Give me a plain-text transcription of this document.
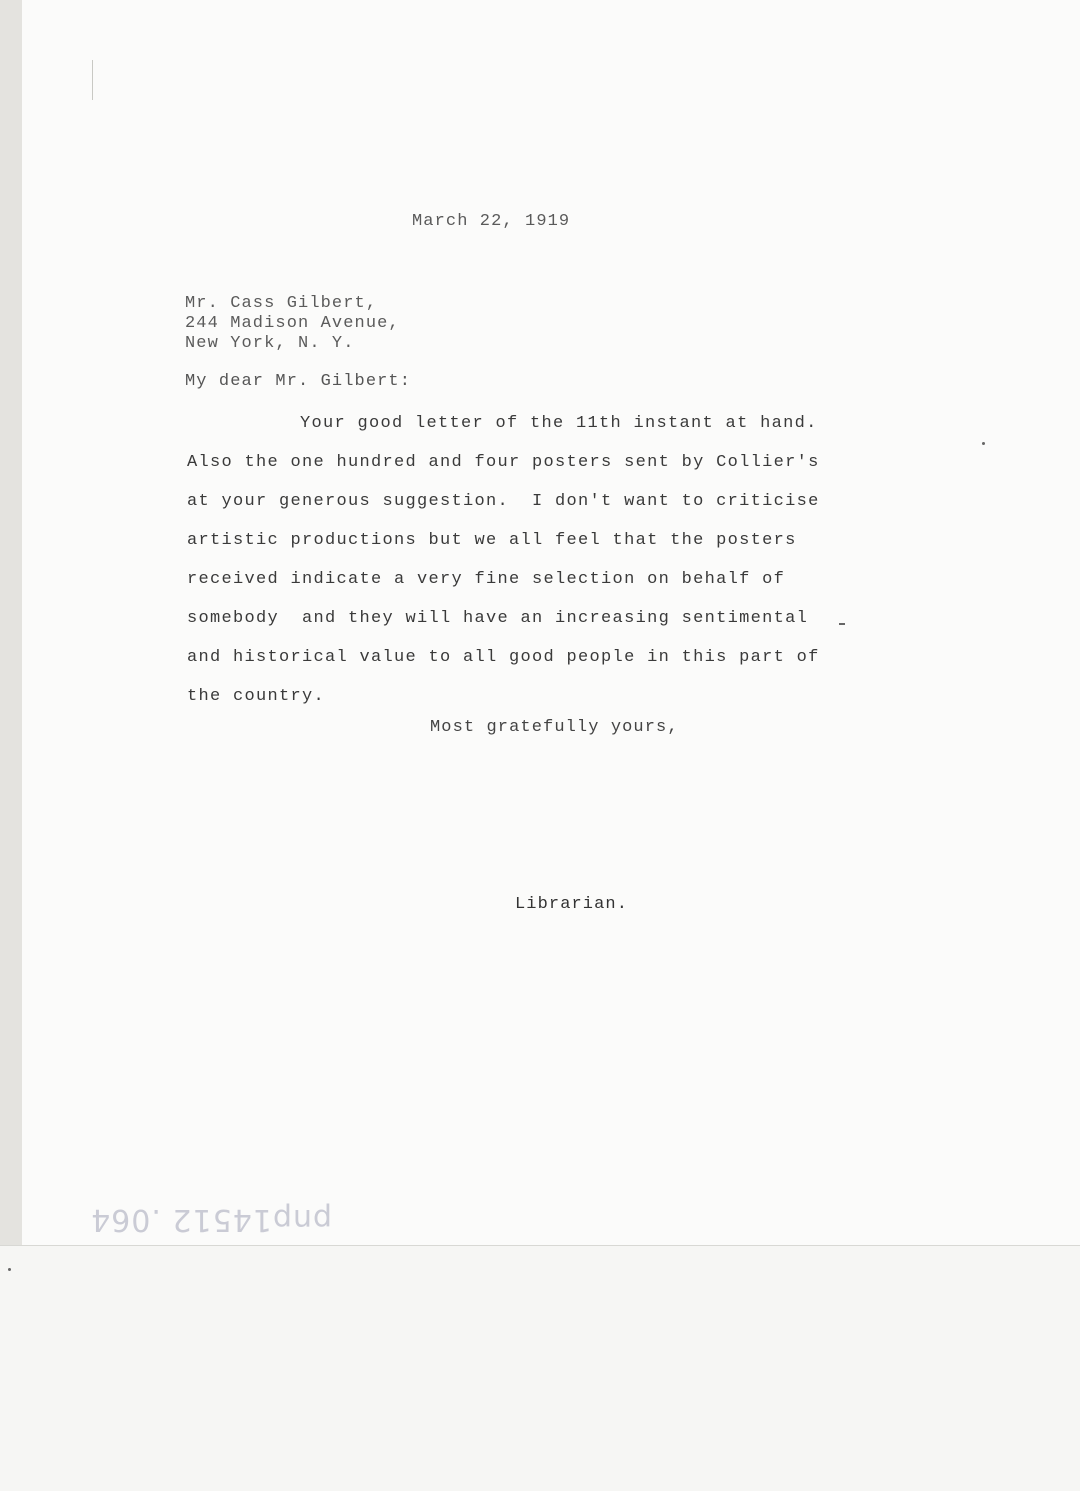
March 22, 1919
Mr. Cass Gilbert,
244 Madison Avenue,
New York, N. Y.
My dear Mr. Gilbert:
Your good letter of the 11th instant at hand.
Also the one hundred and four posters sent by Collier's
at your generous suggestion.  I don't want to criticise
artistic productions but we all feel that the posters
received indicate a very fine selection on behalf of
somebody  and they will have an increasing sentimental
and historical value to all good people in this part of
the country.
Most gratefully yours,
Librarian.
pnp14512 .064
